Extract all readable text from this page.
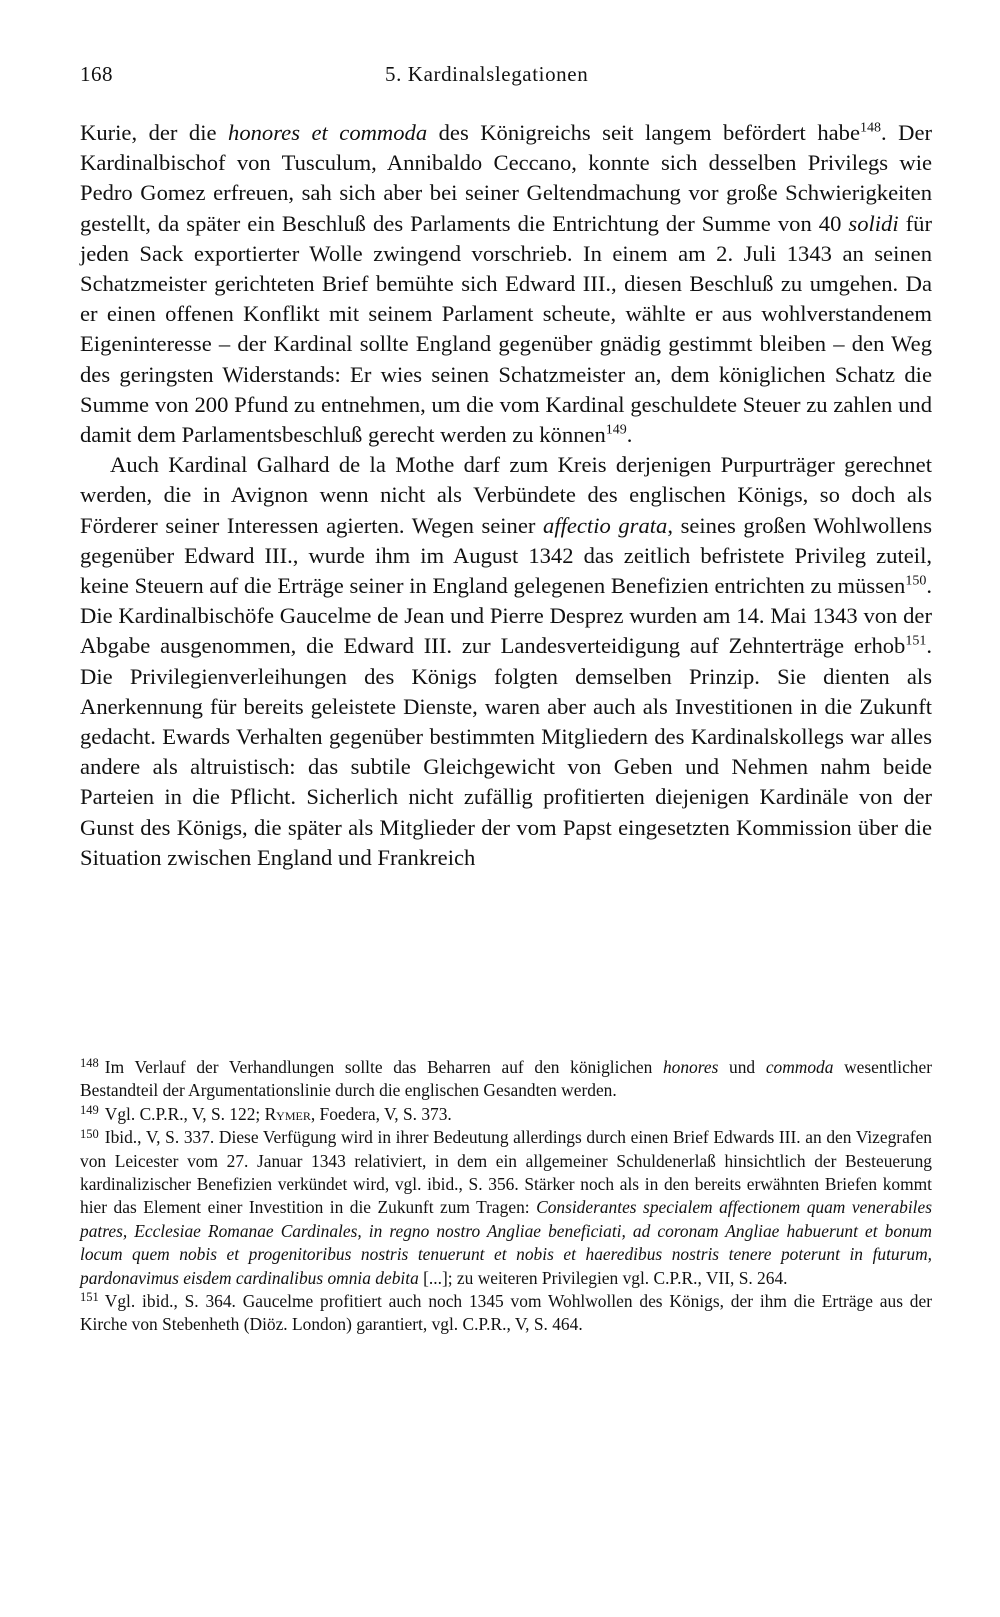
168	5. Kardinalslegationen

Kurie, der die honores et commoda des Königreichs seit langem befördert habe$^{148}$. Der Kardinalbischof von Tusculum, Annibaldo Ceccano, konnte sich desselben Privilegs wie Pedro Gomez erfreuen, sah sich aber bei seiner Geltendmachung vor große Schwierigkeiten gestellt, da später ein Beschluß des Parlaments die Entrichtung der Summe von 40 solidi für jeden Sack exportierter Wolle zwingend vorschrieb. In einem am 2. Juli 1343 an seinen Schatzmeister gerichteten Brief bemühte sich Edward III., diesen Beschluß zu umgehen. Da er einen offenen Konflikt mit seinem Parlament scheute, wählte er aus wohlverstandenem Eigeninteresse – der Kardinal sollte England gegenüber gnädig gestimmt bleiben – den Weg des geringsten Widerstands: Er wies seinen Schatzmeister an, dem königlichen Schatz die Summe von 200 Pfund zu entnehmen, um die vom Kardinal geschuldete Steuer zu zahlen und damit dem Parlamentsbeschluß gerecht werden zu können$^{149}$.

Auch Kardinal Galhard de la Mothe darf zum Kreis derjenigen Purpurträger gerechnet werden, die in Avignon wenn nicht als Verbündete des englischen Königs, so doch als Förderer seiner Interessen agierten. Wegen seiner affectio grata, seines großen Wohlwollens gegenüber Edward III., wurde ihm im August 1342 das zeitlich befristete Privileg zuteil, keine Steuern auf die Erträge seiner in England gelegenen Benefizien entrichten zu müssen$^{150}$. Die Kardinalbischöfe Gaucelme de Jean und Pierre Desprez wurden am 14. Mai 1343 von der Abgabe ausgenommen, die Edward III. zur Landesverteidigung auf Zehnterträge erhob$^{151}$. Die Privilegienverleihungen des Königs folgten demselben Prinzip. Sie dienten als Anerkennung für bereits geleistete Dienste, waren aber auch als Investitionen in die Zukunft gedacht. Ewards Verhalten gegenüber bestimmten Mitgliedern des Kardinalskollegs war alles andere als altruistisch: das subtile Gleichgewicht von Geben und Nehmen nahm beide Parteien in die Pflicht. Sicherlich nicht zufällig profitierten diejenigen Kardinäle von der Gunst des Königs, die später als Mitglieder der vom Papst eingesetzten Kommission über die Situation zwischen England und Frankreich

$^{148}$ Im Verlauf der Verhandlungen sollte das Beharren auf den königlichen honores und commoda wesentlicher Bestandteil der Argumentationslinie durch die englischen Gesandten werden.

$^{149}$ Vgl. C.P.R., V, S. 122; Rymer, Foedera, V, S. 373.

$^{150}$ Ibid., V, S. 337. Diese Verfügung wird in ihrer Bedeutung allerdings durch einen Brief Edwards III. an den Vizegrafen von Leicester vom 27. Januar 1343 relativiert, in dem ein allgemeiner Schuldenerlaß hinsichtlich der Besteuerung kardinalizischer Benefizien verkündet wird, vgl. ibid., S. 356. Stärker noch als in den bereits erwähnten Briefen kommt hier das Element einer Investition in die Zukunft zum Tragen: Considerantes specialem affectionem quam venerabiles patres, Ecclesiae Romanae Cardinales, in regno nostro Angliae beneficiati, ad coronam Angliae habuerunt et bonum locum quem nobis et progenitoribus nostris tenuerunt et nobis et haeredibus nostris tenere poterunt in futurum, pardonavimus eisdem cardinalibus omnia debita [...]; zu weiteren Privilegien vgl. C.P.R., VII, S. 264.

$^{151}$ Vgl. ibid., S. 364. Gaucelme profitiert auch noch 1345 vom Wohlwollen des Königs, der ihm die Erträge aus der Kirche von Stebenheth (Diöz. London) garantiert, vgl. C.P.R., V, S. 464.
